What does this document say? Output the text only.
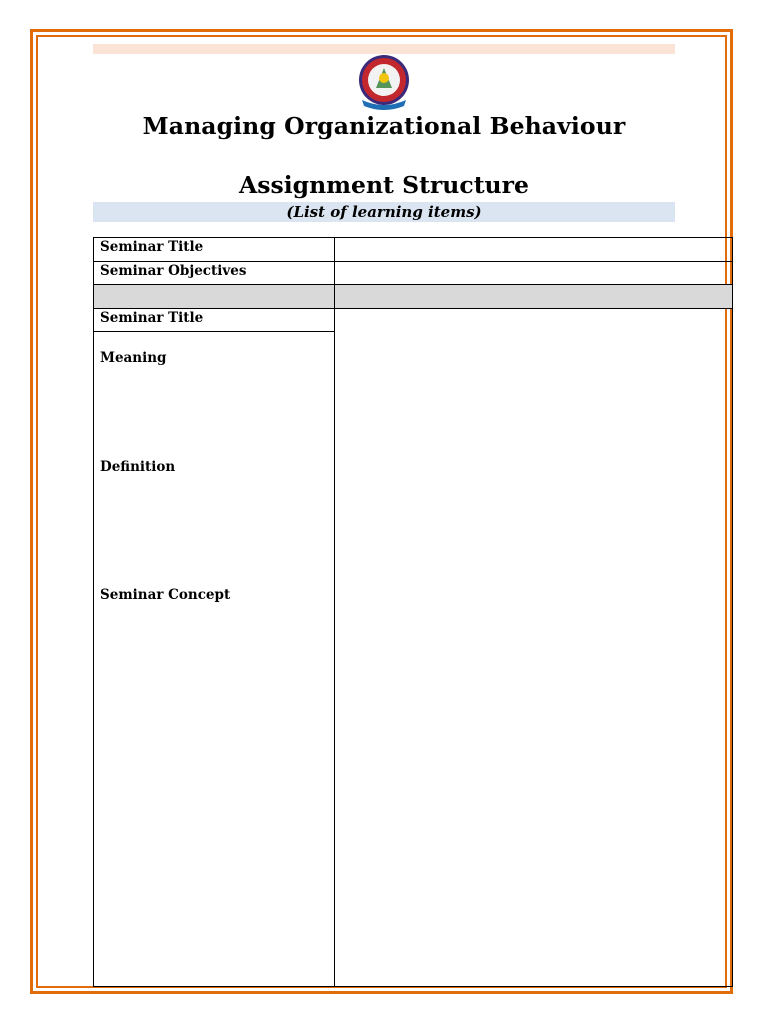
Managing Organizational Behaviour
Assignment Structure
(List of learning items)
Seminar Title
Seminar Objectives
Seminar Title
Meaning
Definition
Seminar Concept
